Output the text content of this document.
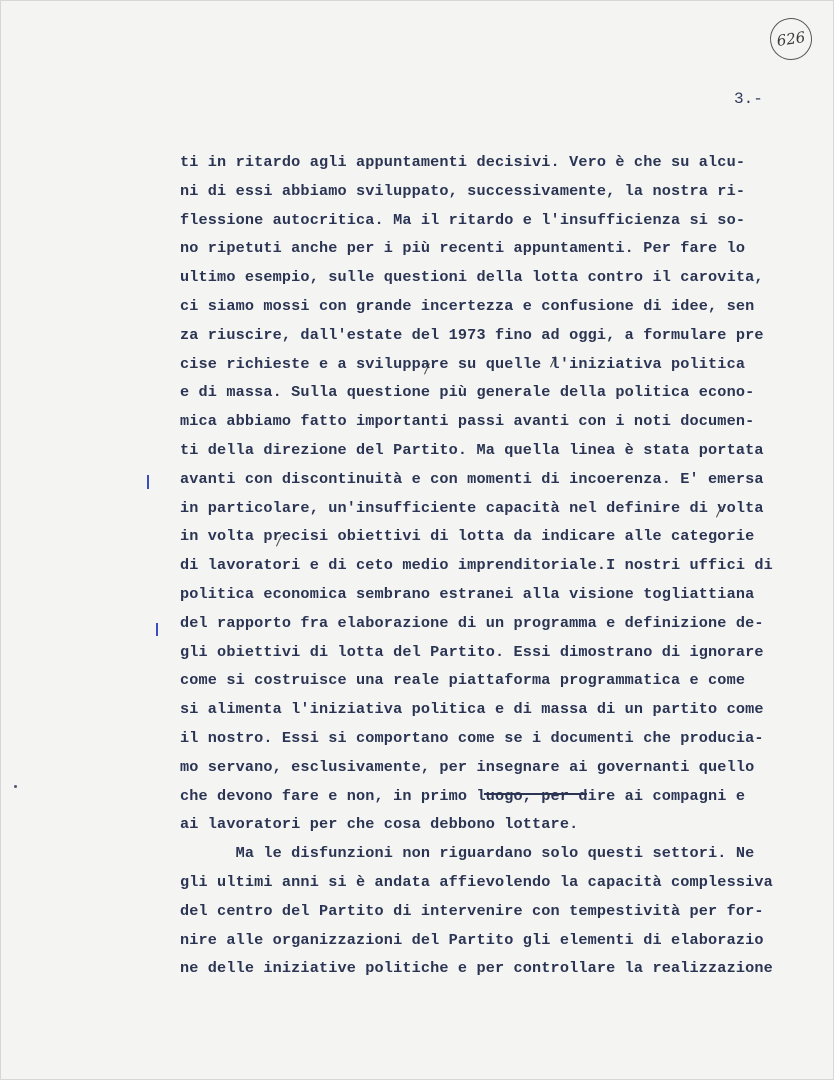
626
3.-
ti in ritardo agli appuntamenti decisivi. Vero è che su alcu-
ni di essi abbiamo sviluppato, successivamente, la nostra ri-
flessione autocritica. Ma il ritardo e l'insufficienza si so-
no ripetuti anche per i più recenti appuntamenti. Per fare lo
ultimo esempio, sulle questioni della lotta contro il carovita,
ci siamo mossi con grande incertezza e confusione di idee, sen
za riuscire, dall'estate del 1973 fino ad oggi, a formulare pre
cise richieste e a sviluppare su quelle l'iniziativa politica
e di massa. Sulla questione più generale della politica econo-
mica abbiamo fatto importanti passi avanti con i noti documen-
ti della direzione del Partito. Ma quella linea è stata portata
avanti con discontinuità e con momenti di incoerenza. E' emersa
in particolare, un'insufficiente capacità nel definire di volta
in volta precisi obiettivi di lotta da indicare alle categorie
di lavoratori e di ceto medio imprenditoriale.I nostri uffici di
politica economica sembrano estranei alla visione togliattiana
del rapporto fra elaborazione di un programma e definizione de-
gli obiettivi di lotta del Partito. Essi dimostrano di ignorare
come si costruisce una reale piattaforma programmatica e come
si alimenta l'iniziativa politica e di massa di un partito come
il nostro. Essi si comportano come se i documenti che produciа-
mo servano, esclusivamente, per insegnare ai governanti quello
che devono fare e non, in primo luogo, per dire ai compagni e
ai lavoratori per che cosa debbono lottare.
Ma le disfunzioni non riguardano solo questi settori. Ne
gli ultimi anni si è andata affievolendo la capacità complessiva
del centro del Partito di intervenire con tempestività per for-
nire alle organizzazioni del Partito gli elementi di elaborazio
ne delle iniziative politiche e per controllare la realizzazione
